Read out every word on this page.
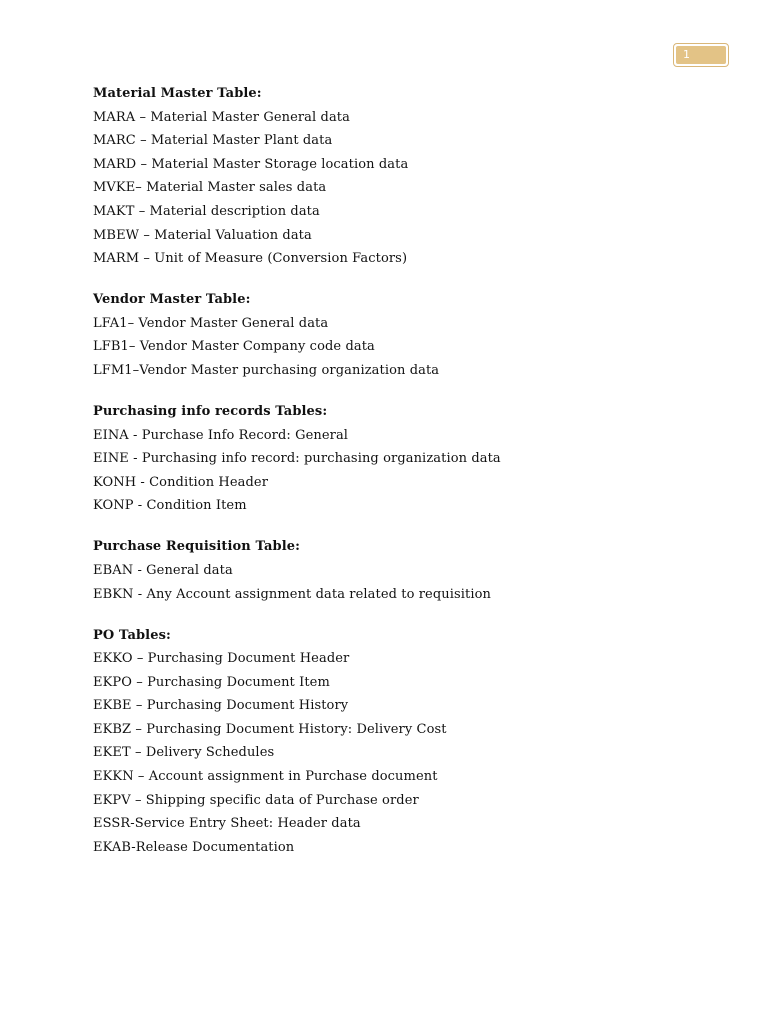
1
Material Master Table:
MARA – Material Master General data
MARC – Material Master Plant data
MARD – Material Master Storage location data
MVKE– Material Master sales data
MAKT – Material description data
MBEW – Material Valuation data
MARM – Unit of Measure (Conversion Factors)
Vendor Master Table:
LFA1– Vendor Master General data
LFB1– Vendor Master Company code data
LFM1–Vendor Master purchasing organization data
Purchasing info records Tables:
EINA - Purchase Info Record: General
EINE - Purchasing info record: purchasing organization data
KONH - Condition Header
KONP - Condition Item
Purchase Requisition Table:
EBAN - General data
EBKN - Any Account assignment data related to requisition
PO Tables:
EKKO – Purchasing Document Header
EKPO – Purchasing Document Item
EKBE – Purchasing Document History
EKBZ – Purchasing Document History: Delivery Cost
EKET – Delivery Schedules
EKKN – Account assignment in Purchase document
EKPV – Shipping specific data of Purchase order
ESSR-Service Entry Sheet: Header data
EKAB-Release Documentation
